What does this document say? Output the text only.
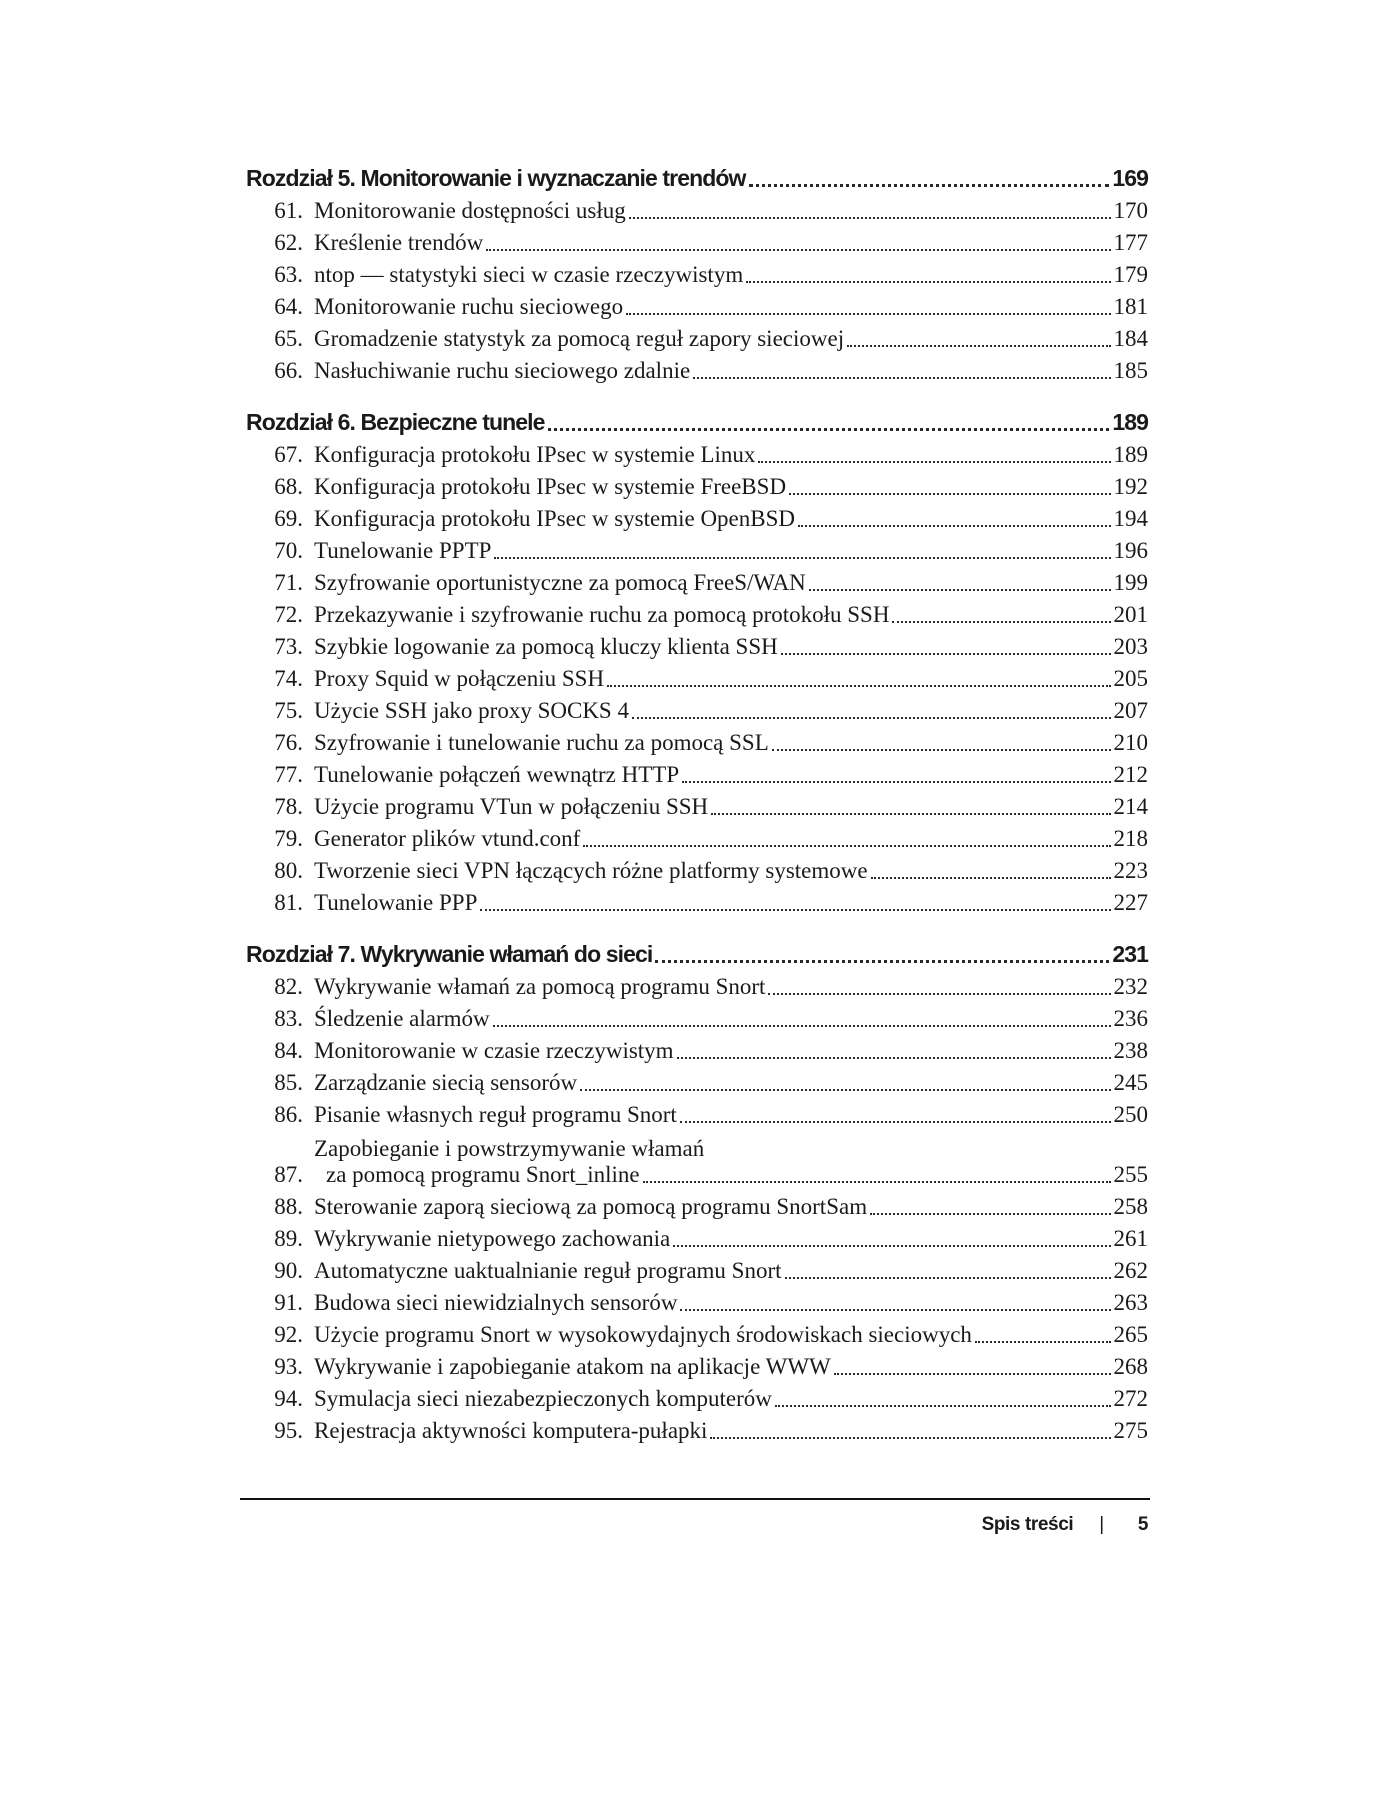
Rozdział 5. Monitorowanie i wyznaczanie trendów	169
61. Monitorowanie dostępności usług	170
62. Kreślenie trendów	177
63. ntop — statystyki sieci w czasie rzeczywistym	179
64. Monitorowanie ruchu sieciowego	181
65. Gromadzenie statystyk za pomocą reguł zapory sieciowej	184
66. Nasłuchiwanie ruchu sieciowego zdalnie	185
Rozdział 6. Bezpieczne tunele	189
67. Konfiguracja protokołu IPsec w systemie Linux	189
68. Konfiguracja protokołu IPsec w systemie FreeBSD	192
69. Konfiguracja protokołu IPsec w systemie OpenBSD	194
70. Tunelowanie PPTP	196
71. Szyfrowanie oportunistyczne za pomocą FreeS/WAN	199
72. Przekazywanie i szyfrowanie ruchu za pomocą protokołu SSH	201
73. Szybkie logowanie za pomocą kluczy klienta SSH	203
74. Proxy Squid w połączeniu SSH	205
75. Użycie SSH jako proxy SOCKS 4	207
76. Szyfrowanie i tunelowanie ruchu za pomocą SSL	210
77. Tunelowanie połączeń wewnątrz HTTP	212
78. Użycie programu VTun w połączeniu SSH	214
79. Generator plików vtund.conf	218
80. Tworzenie sieci VPN łączących różne platformy systemowe	223
81. Tunelowanie PPP	227
Rozdział 7. Wykrywanie włamań do sieci	231
82. Wykrywanie włamań za pomocą programu Snort	232
83. Śledzenie alarmów	236
84. Monitorowanie w czasie rzeczywistym	238
85. Zarządzanie siecią sensorów	245
86. Pisanie własnych reguł programu Snort	250
87.
Zapobieganie i powstrzymywanie włamań
za pomocą programu Snort_inline	255
88. Sterowanie zaporą sieciową za pomocą programu SnortSam	258
89. Wykrywanie nietypowego zachowania	261
90. Automatyczne uaktualnianie reguł programu Snort	262
91. Budowa sieci niewidzialnych sensorów	263
92. Użycie programu Snort w wysokowydajnych środowiskach sieciowych	265
93. Wykrywanie i zapobieganie atakom na aplikacje WWW	268
94. Symulacja sieci niezabezpieczonych komputerów	272
95. Rejestracja aktywności komputera-pułapki	275
Spis treści | 5
